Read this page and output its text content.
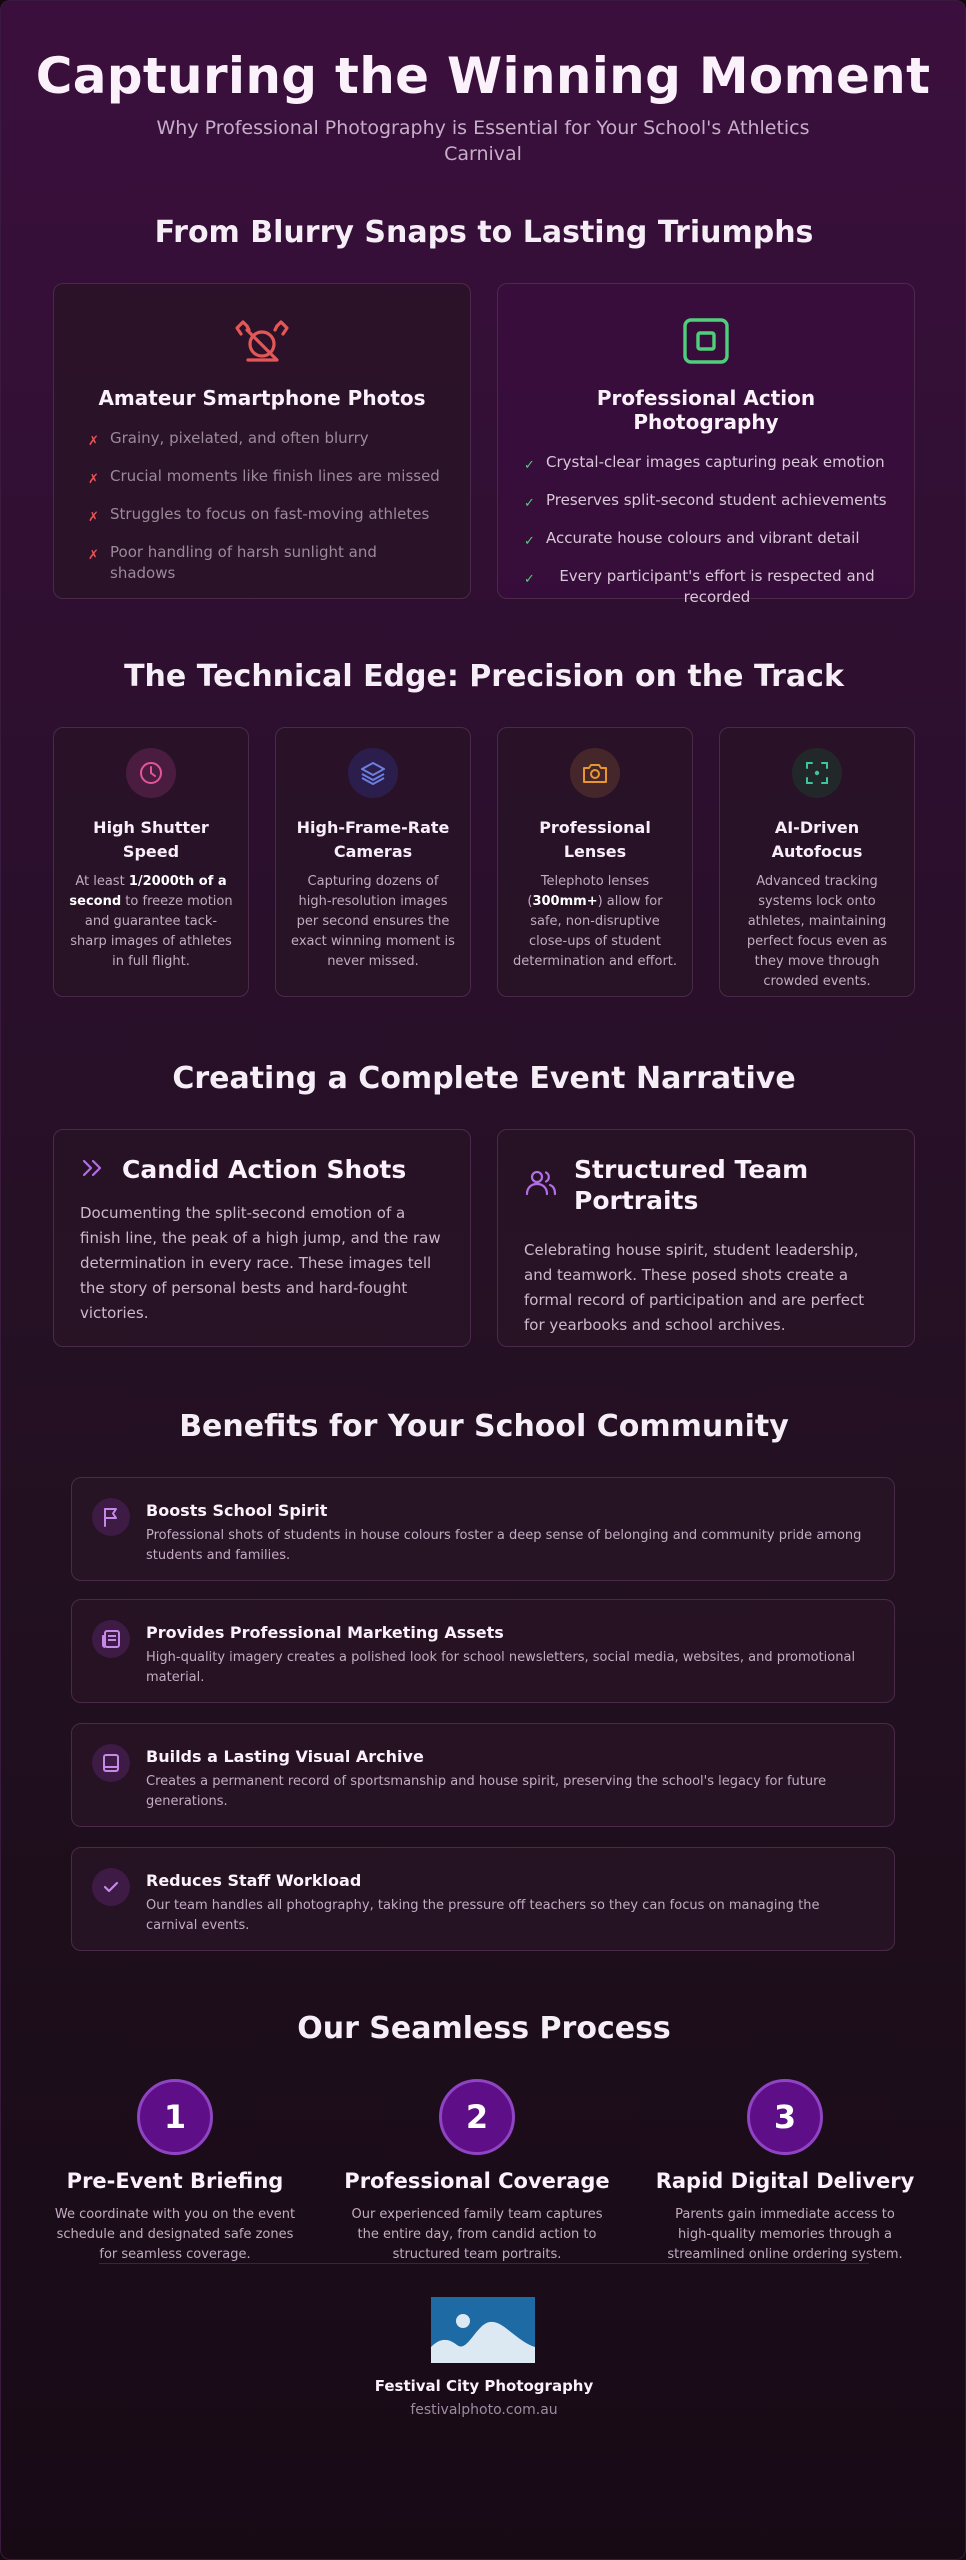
Capturing the Winning Moment
Why Professional Photography is Essential for Your School's Athletics Carnival
From Blurry Snaps to Lasting Triumphs
Amateur Smartphone Photos
✗ Grainy, pixelated, and often blurry
✗ Crucial moments like finish lines are missed
✗ Struggles to focus on fast-moving athletes
✗ Poor handling of harsh sunlight and shadows
Professional Action Photography
✓ Crystal-clear images capturing peak emotion
✓ Preserves split-second student achievements
✓ Accurate house colours and vibrant detail
✓	Every participant's effort is respected and recorded
The Technical Edge: Precision on the Track
High Shutter Speed
At least 1/2000th of a second to freeze motion and guarantee tack-sharp images of athletes in full flight.
High-Frame-Rate Cameras
Capturing dozens of high-resolution images per second ensures the exact winning moment is never missed.
Professional Lenses
Telephoto lenses (300mm+) allow for safe, non-disruptive close-ups of student determination and effort.
AI-Driven Autofocus
Advanced tracking systems lock onto athletes, maintaining perfect focus even as they move through crowded events.
Creating a Complete Event Narrative
Candid Action Shots
Documenting the split-second emotion of a finish line, the peak of a high jump, and the raw determination in every race. These images tell the story of personal bests and hard-fought victories.
Structured Team Portraits
Celebrating house spirit, student leadership, and teamwork. These posed shots create a formal record of participation and are perfect for yearbooks and school archives.
Benefits for Your School Community
Boosts School Spirit
Professional shots of students in house colours foster a deep sense of belonging and community pride among students and families.
Provides Professional Marketing Assets
High-quality imagery creates a polished look for school newsletters, social media, websites, and promotional material.
Builds a Lasting Visual Archive
Creates a permanent record of sportsmanship and house spirit, preserving the school's legacy for future generations.
Reduces Staff Workload
Our team handles all photography, taking the pressure off teachers so they can focus on managing the carnival events.
Our Seamless Process
1
Pre-Event Briefing
We coordinate with you on the event schedule and designated safe zones for seamless coverage.
2
Professional Coverage
Our experienced family team captures the entire day, from candid action to structured team portraits.
3
Rapid Digital Delivery
Parents gain immediate access to high-quality memories through a streamlined online ordering system.
Festival City Photography
festivalphoto.com.au
